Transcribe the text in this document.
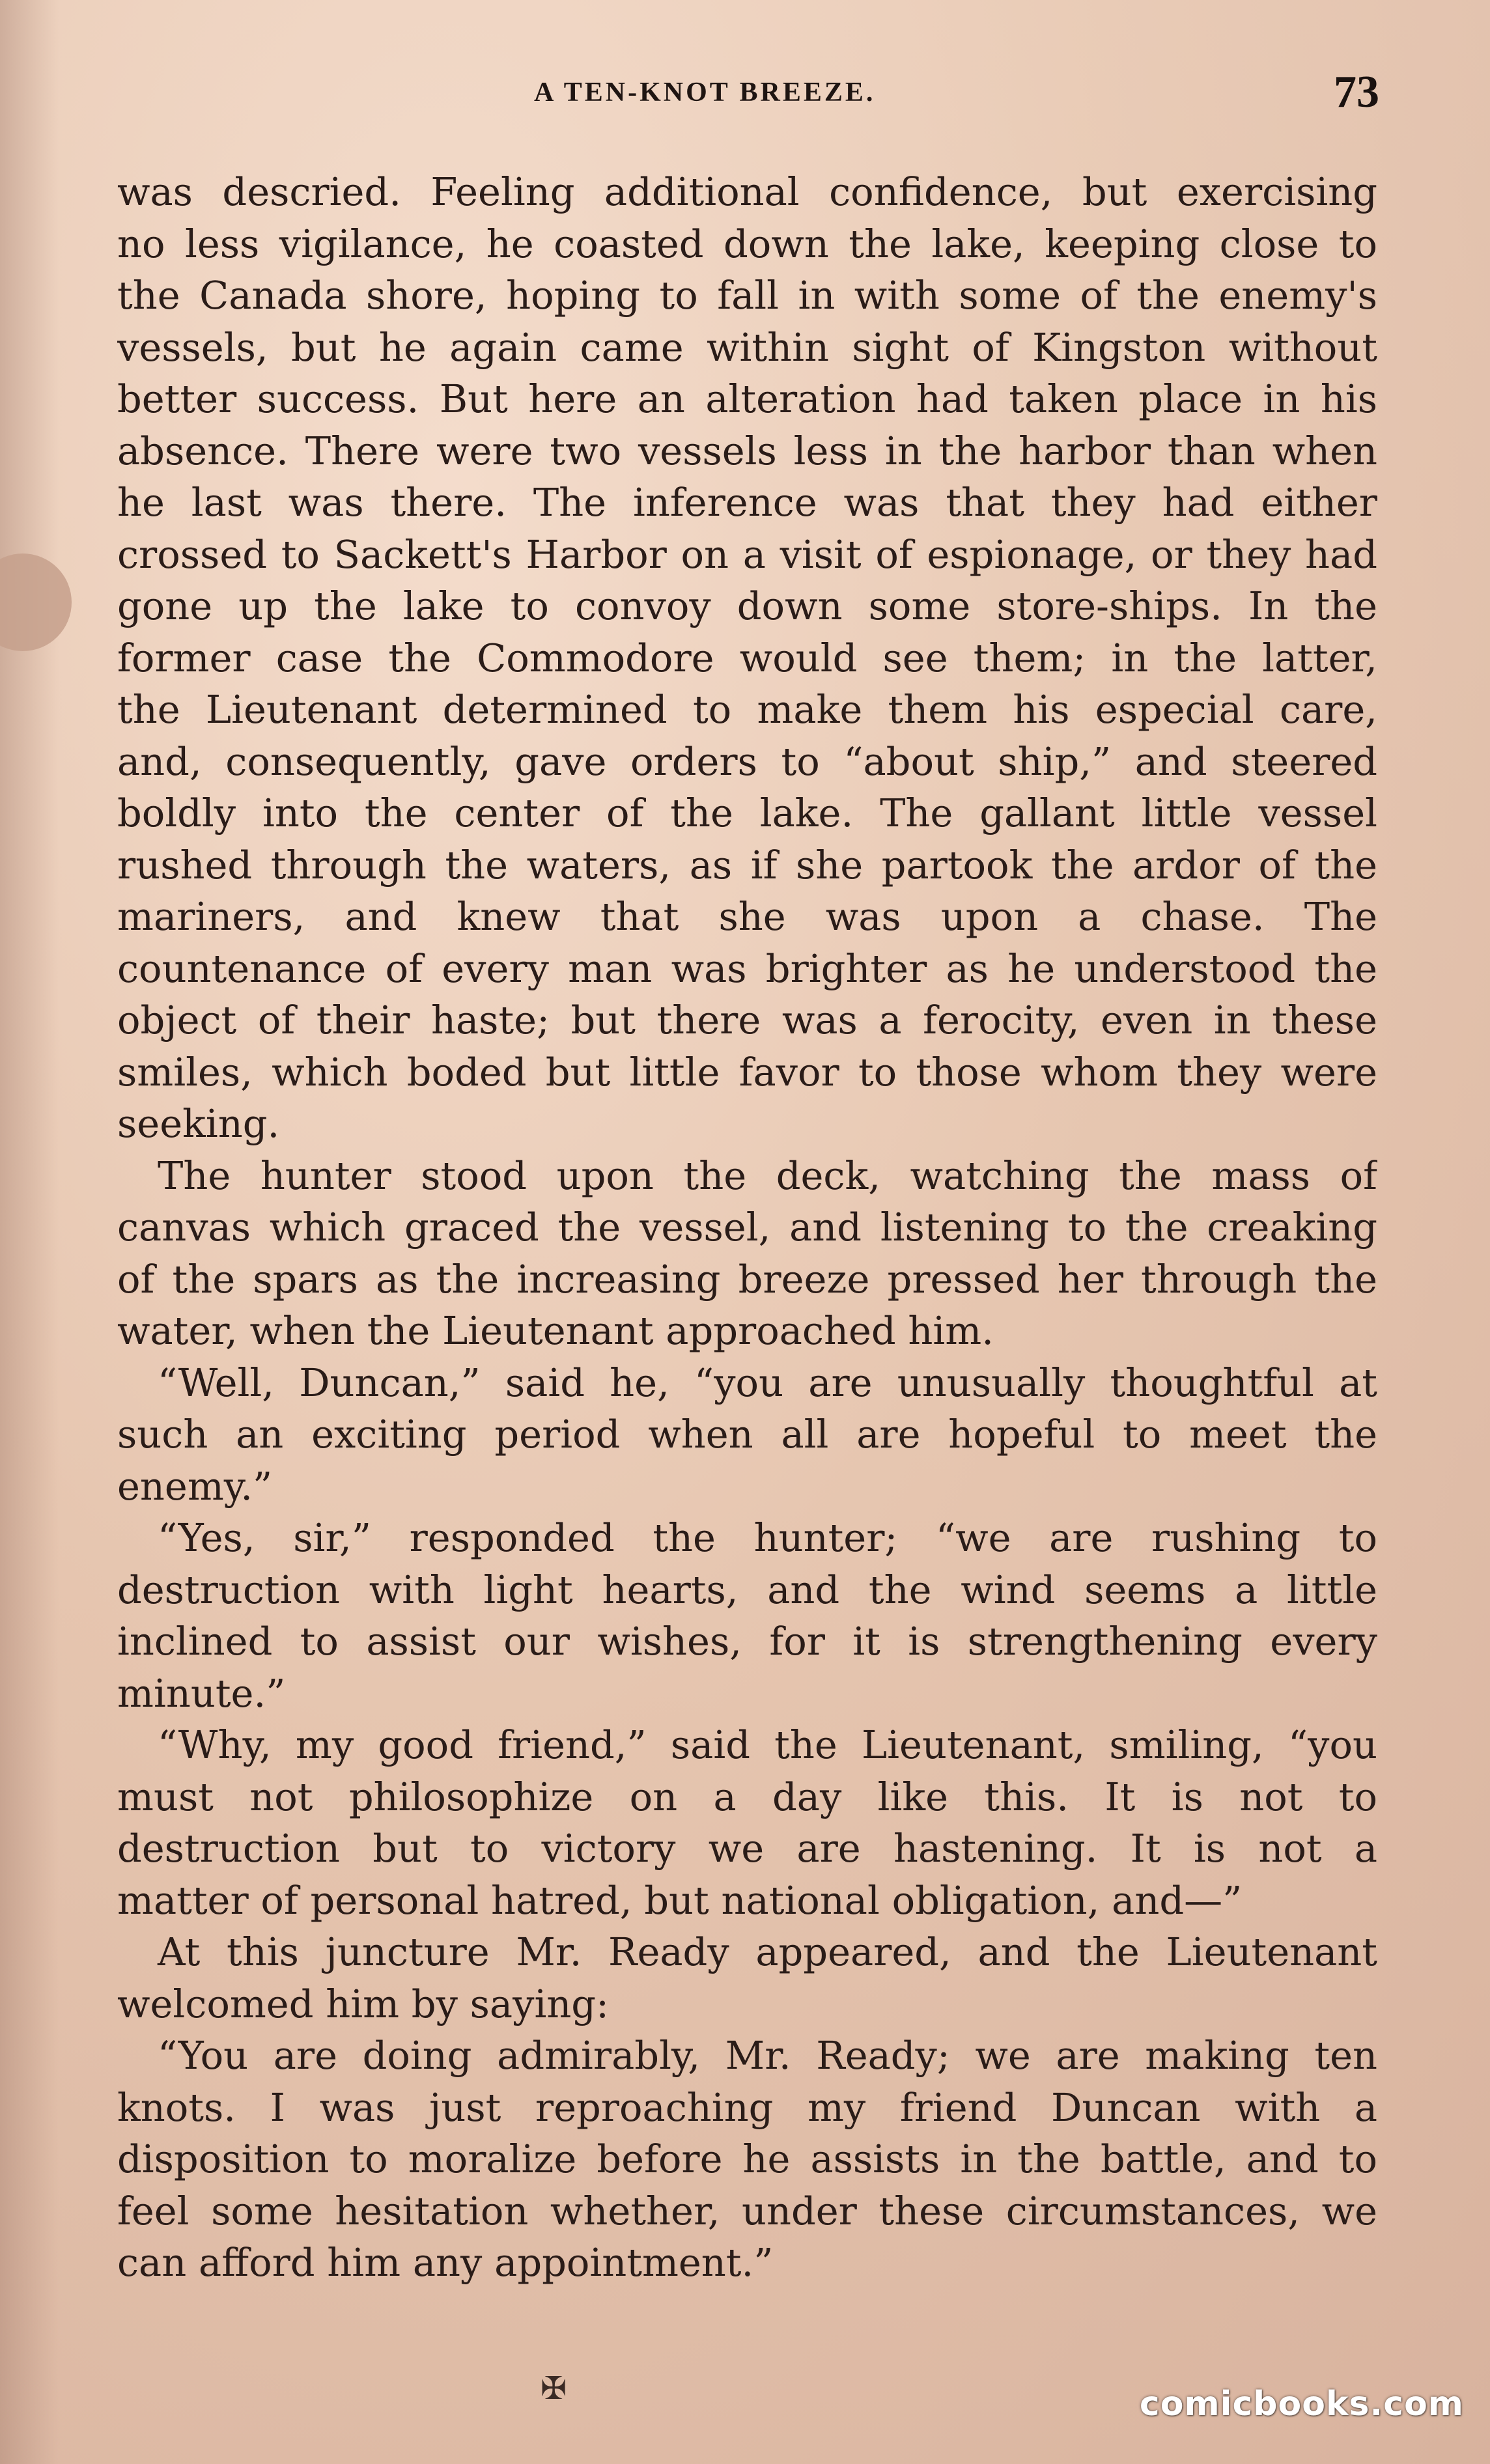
A TEN-KNOT BREEZE.	73
was descried. Feeling additional confidence, but exercising
no less vigilance, he coasted down the lake, keeping close to
the Canada shore, hoping to fall in with some of the enemy's
vessels, but he again came within sight of Kingston without
better success. But here an alteration had taken place in his
absence. There were two vessels less in the harbor than when
he last was there. The inference was that they had either
crossed to Sackett's Harbor on a visit of espionage, or they had
gone up the lake to convoy down some store-ships. In the
former case the Commodore would see them; in the latter,
the Lieutenant determined to make them his especial care,
and, consequently, gave orders to “about ship,” and steered
boldly into the center of the lake. The gallant little vessel
rushed through the waters, as if she partook the ardor of the
mariners, and knew that she was upon a chase. The
countenance of every man was brighter as he understood the
object of their haste; but there was a ferocity, even in these
smiles, which boded but little favor to those whom they were
seeking.
The hunter stood upon the deck, watching the mass of
canvas which graced the vessel, and listening to the creaking
of the spars as the increasing breeze pressed her through the
water, when the Lieutenant approached him.
“Well, Duncan,” said he, “you are unusually thoughtful at
such an exciting period when all are hopeful to meet the
enemy.”
“Yes, sir,” responded the hunter; “we are rushing to
destruction with light hearts, and the wind seems a little
inclined to assist our wishes, for it is strengthening every
minute.”
“Why, my good friend,” said the Lieutenant, smiling, “you
must not philosophize on a day like this. It is not to
destruction but to victory we are hastening. It is not a
matter of personal hatred, but national obligation, and—”
At this juncture Mr. Ready appeared, and the Lieutenant
welcomed him by saying:
“You are doing admirably, Mr. Ready; we are making ten
knots. I was just reproaching my friend Duncan with a
disposition to moralize before he assists in the battle, and to
feel some hesitation whether, under these circumstances, we
can afford him any appointment.”
✠	comicbooks.com
